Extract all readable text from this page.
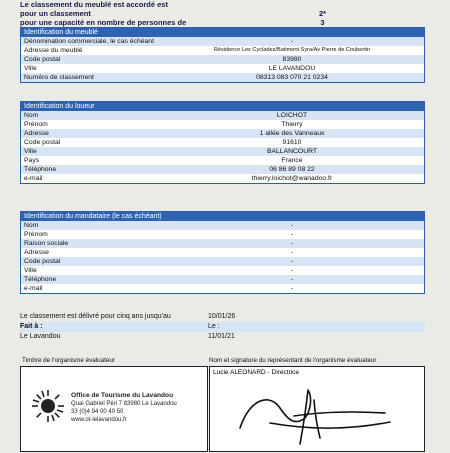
Le classement du meublé est accordé est
pour un classement	2*
pour une capacité en nombre de personnes de	3
Identification du meublé
Dénomination commerciale, le cas échéant	-
Adresse du meublé	Résidence Les Cyclades/Batiment Syra/Av Pierre de Coubertin
Code postal	83980
Ville	LE LAVANDOU
Numéro de classement	08313 083 070 21 0234
Identification du loueur
Nom	LOICHOT
Prénom	Thierry
Adresse	1 allée des Vanneaux
Code postal	91610
Ville	BALLANCOURT
Pays	France
Téléphone	06 86 89 08 22
e-mail	thierry.loichot@wanadoo.fr
Identification du mandataire (le cas échéant)
Nom	-
Prénom	-
Raison sociale	-
Adresse	-
Code postal	-
Ville	-
Téléphone	-
e-mail	-
Le classement est délivré pour cinq ans jusqu'au	10/01/26
Fait à :	Le :
Le Lavandou	11/01/21
Timbre de l'organisme évaluateur	Nom et signature du représentant de l'organisme évaluateur
Office de Tourisme du Lavandou
Quai Gabriel Péri 7 83980 Le Lavandou
33 (0)4 94 00 40 50
www.ot-lelavandou.fr
Lucie ALEONARD - Directrice
